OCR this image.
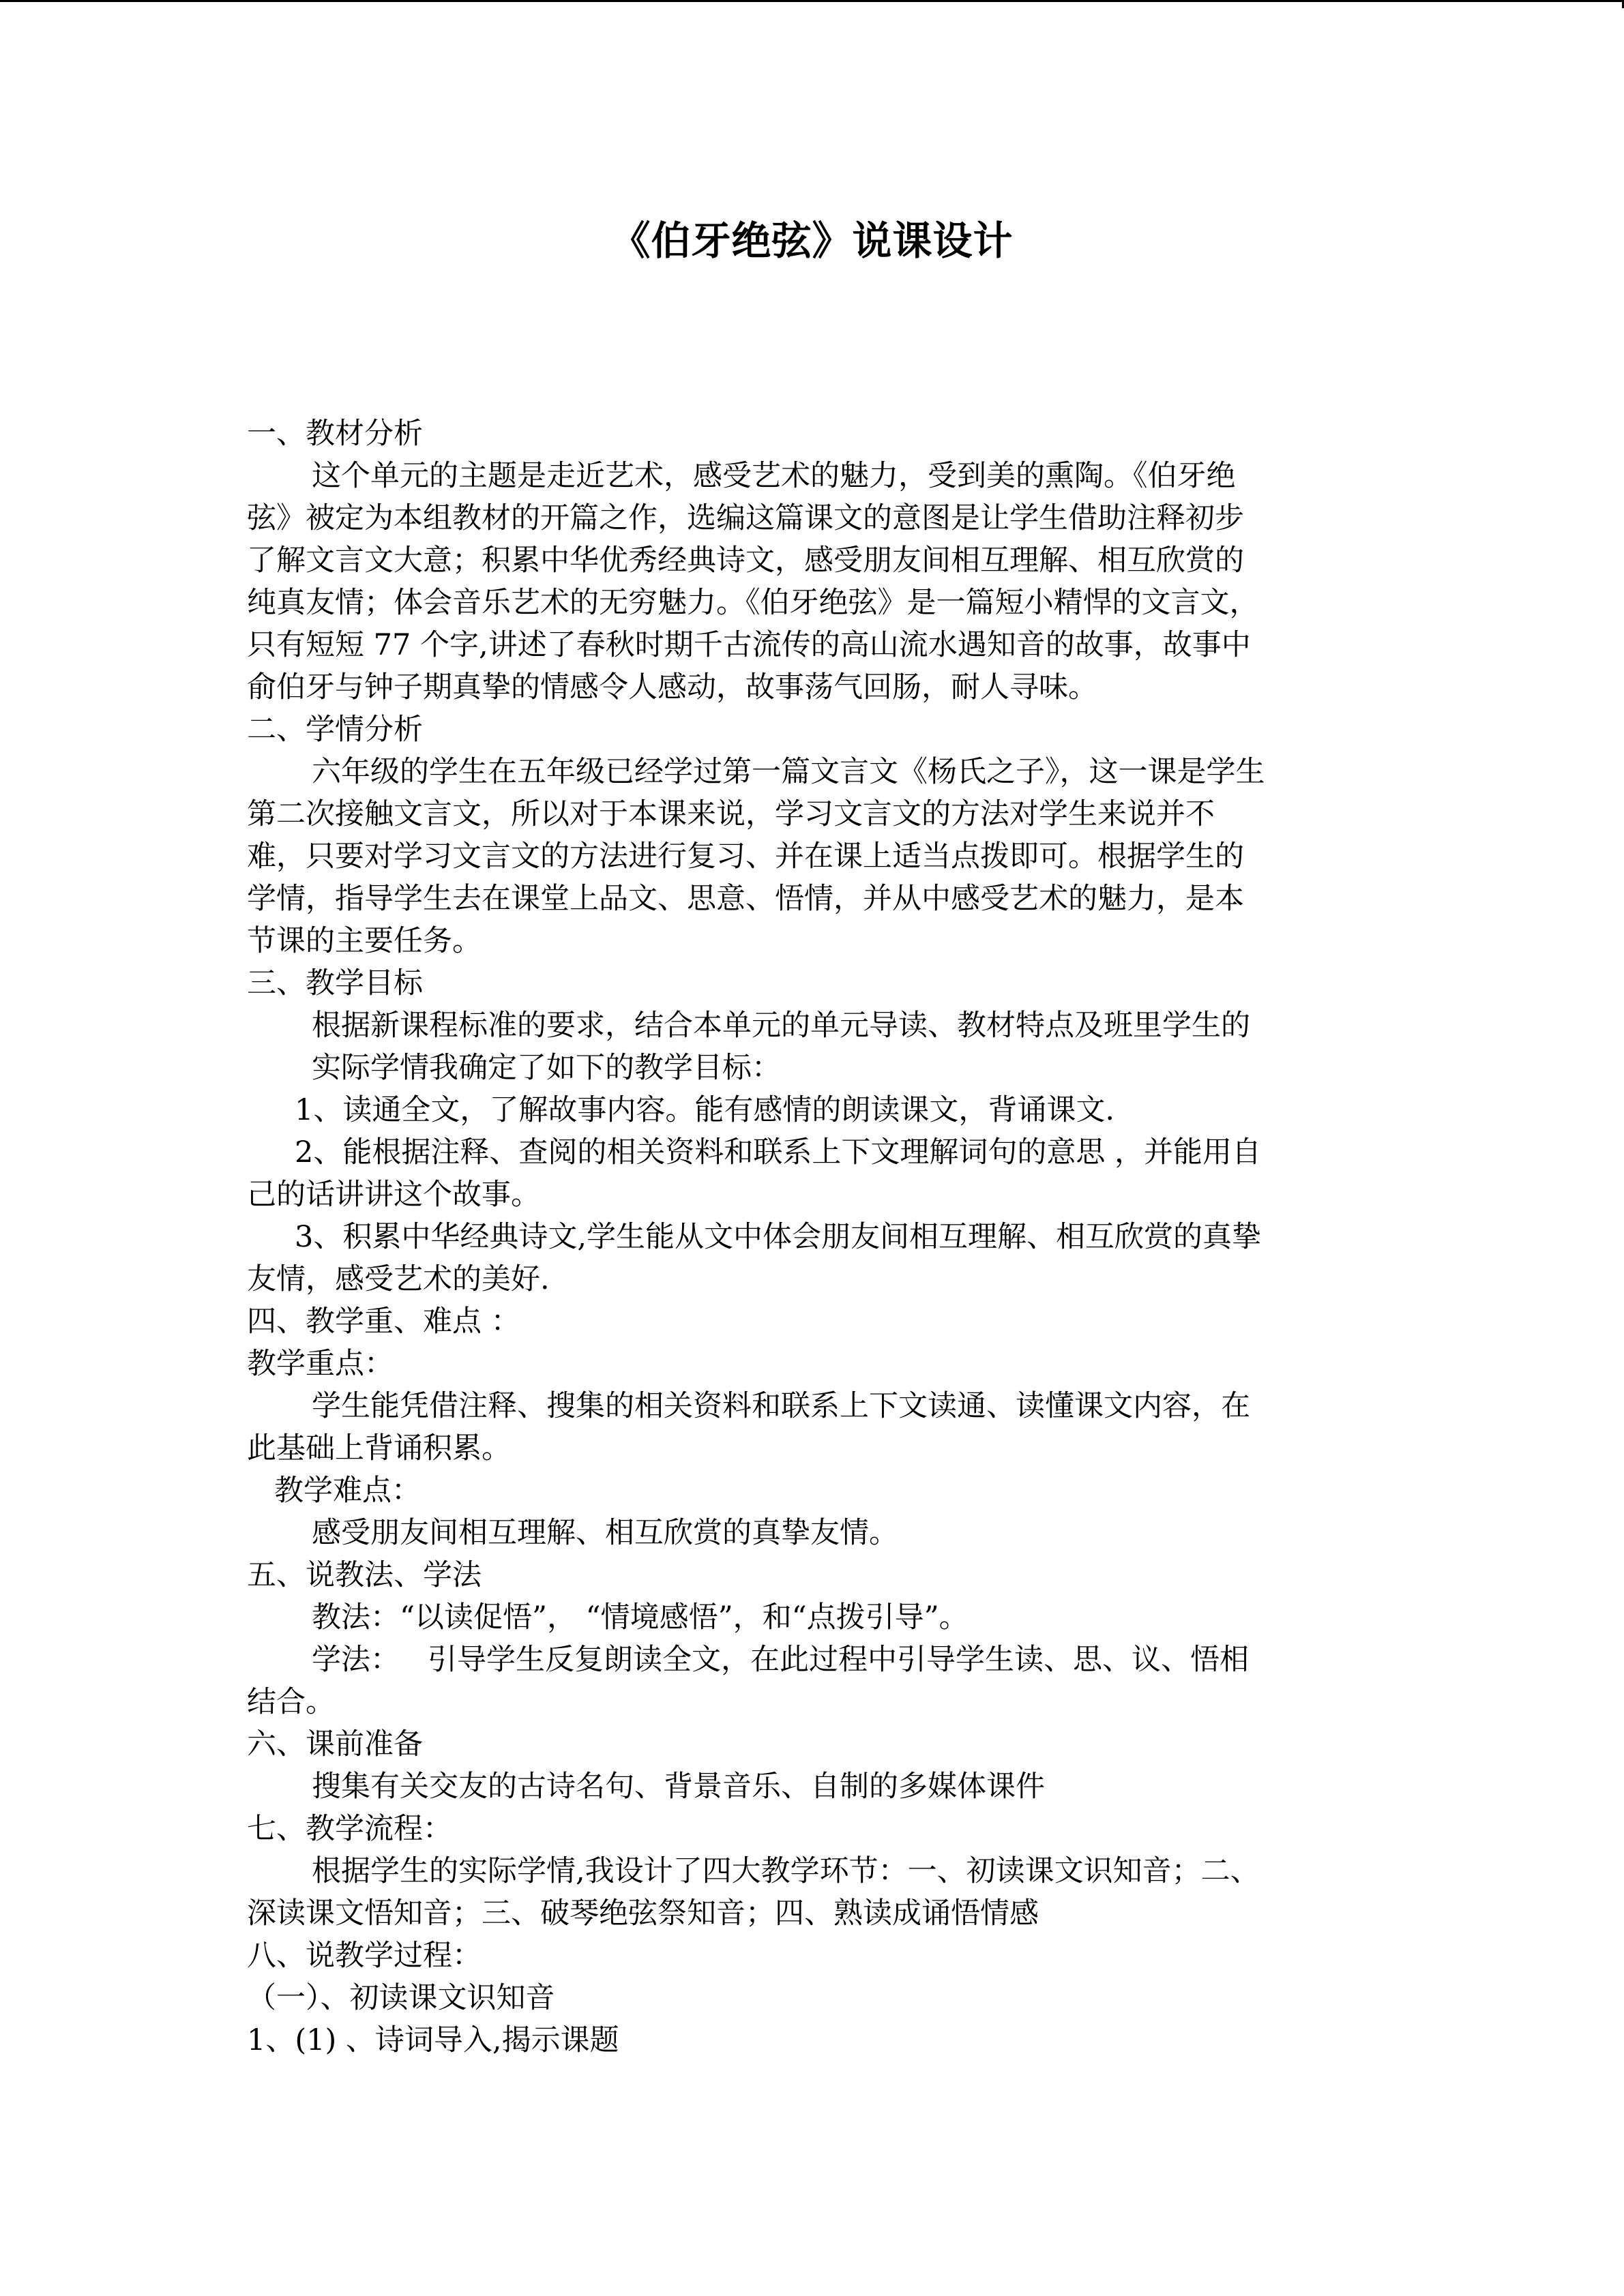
《伯牙绝弦》说课设计
一、教材分析
这个单元的主题是走近艺术，感受艺术的魅力，受到美的熏陶。《伯牙绝
弦》被定为本组教材的开篇之作，选编这篇课文的意图是让学生借助注释初步
了解文言文大意；积累中华优秀经典诗文，感受朋友间相互理解、相互欣赏的
纯真友情；体会音乐艺术的无穷魅力。《伯牙绝弦》是一篇短小精悍的文言文，
只有短短 77 个字,讲述了春秋时期千古流传的高山流水遇知音的故事，故事中
俞伯牙与钟子期真挚的情感令人感动，故事荡气回肠，耐人寻味。
二、学情分析
六年级的学生在五年级已经学过第一篇文言文《杨氏之子》，这一课是学生
第二次接触文言文，所以对于本课来说，学习文言文的方法对学生来说并不
难，只要对学习文言文的方法进行复习、并在课上适当点拨即可。根据学生的
学情，指导学生去在课堂上品文、思意、悟情，并从中感受艺术的魅力，是本
节课的主要任务。
三、教学目标
根据新课程标准的要求，结合本单元的单元导读、教材特点及班里学生的
实际学情我确定了如下的教学目标：
1、读通全文，了解故事内容。能有感情的朗读课文，背诵课文.
2、能根据注释、查阅的相关资料和联系上下文理解词句的意思 ，并能用自
己的话讲讲这个故事。
3、积累中华经典诗文,学生能从文中体会朋友间相互理解、相互欣赏的真挚
友情，感受艺术的美好.
四、教学重、难点 ：
教学重点：
学生能凭借注释、搜集的相关资料和联系上下文读通、读懂课文内容，在
此基础上背诵积累。
教学难点：
感受朋友间相互理解、相互欣赏的真挚友情。
五、说教法、学法
教法：“以读促悟”， “情境感悟”，和“点拨引导”。
学法：   引导学生反复朗读全文，在此过程中引导学生读、思、议、悟相
结合。
六、课前准备
搜集有关交友的古诗名句、背景音乐、自制的多媒体课件
七、教学流程：
根据学生的实际学情,我设计了四大教学环节：一、初读课文识知音；二、
深读课文悟知音；三、破琴绝弦祭知音；四、熟读成诵悟情感
八、说教学过程：
（一）、初读课文识知音
1、(1) 、诗词导入,揭示课题
